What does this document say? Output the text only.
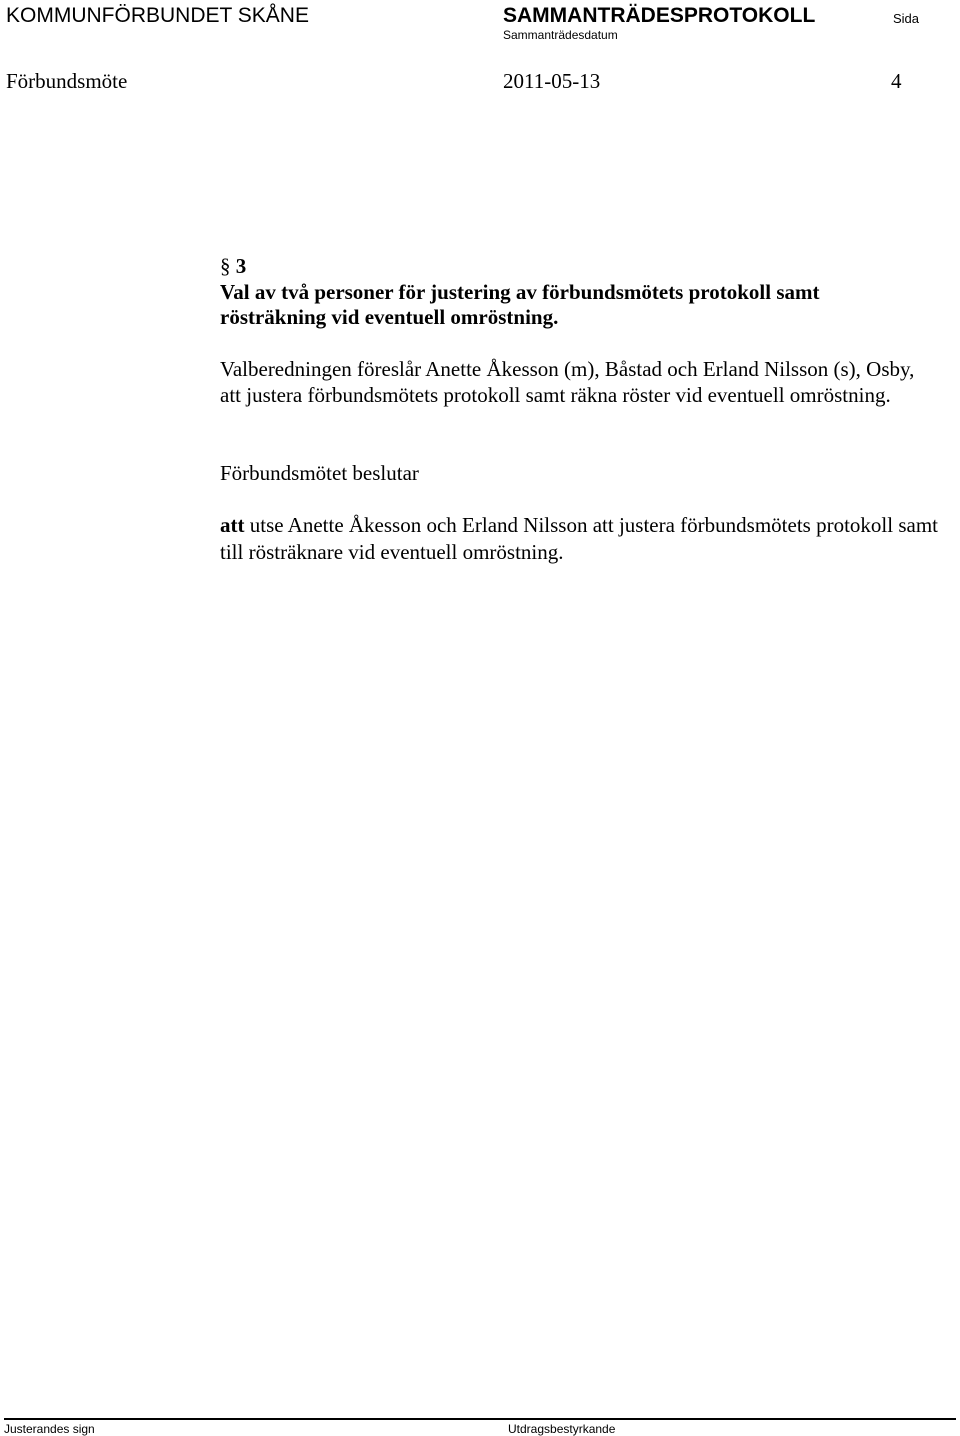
KOMMUNFÖRBUNDET SKÅNE	SAMMANTRÄDESPROTOKOLL	Sida
Sammanträdesdatum
Förbundsmöte	2011-05-13	4
§ 3
Val av två personer för justering av förbundsmötets protokoll samt rösträkning vid eventuell omröstning.
Valberedningen föreslår Anette Åkesson (m), Båstad och Erland Nilsson (s), Osby, att justera förbundsmötets protokoll samt räkna röster vid eventuell omröstning.
Förbundsmötet beslutar
att utse Anette Åkesson och Erland Nilsson att justera förbundsmötets protokoll samt till rösträknare vid eventuell omröstning.
Justerandes sign	Utdragsbestyrkande
